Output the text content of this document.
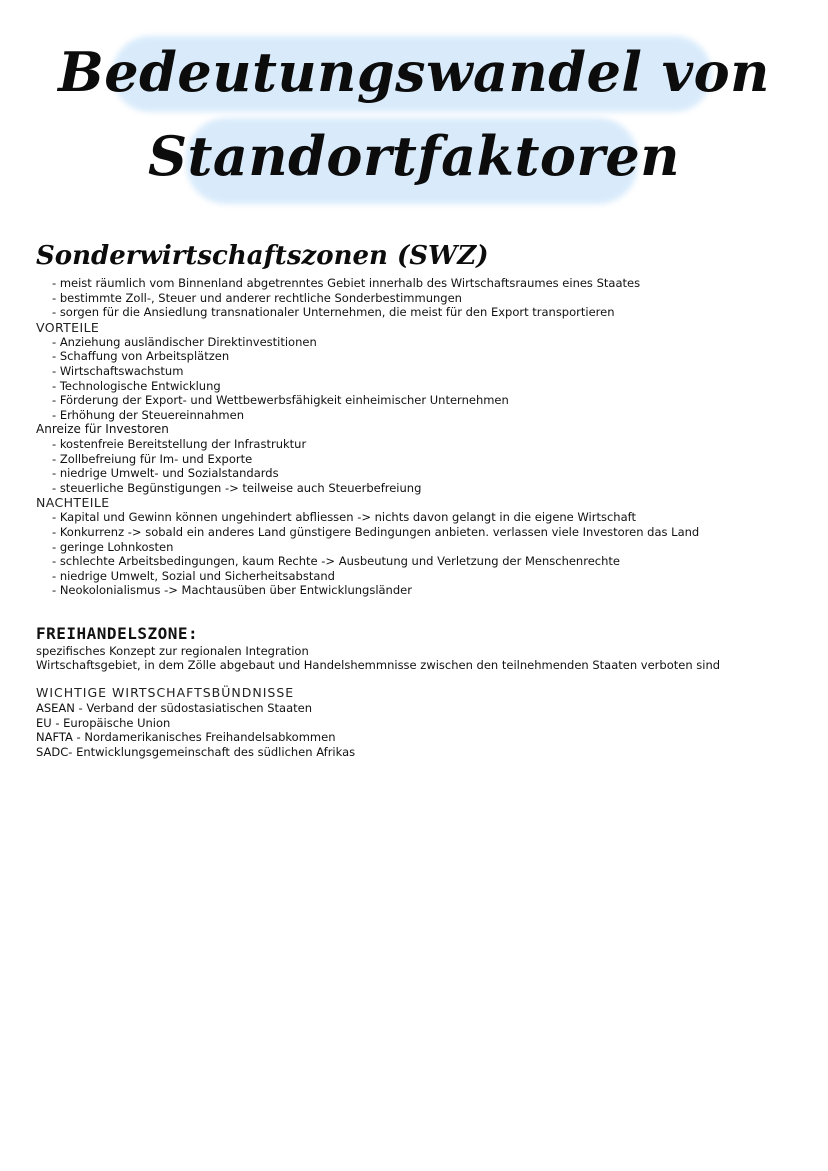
Bedeutungswandel von
Standortfaktoren
Sonderwirtschaftszonen (SWZ)
- meist räumlich vom Binnenland abgetrenntes Gebiet innerhalb des Wirtschaftsraumes eines Staates
- bestimmte Zoll-, Steuer und anderer rechtliche Sonderbestimmungen
- sorgen für die Ansiedlung transnationaler Unternehmen, die meist für den Export transportieren

VORTEILE

- Anziehung ausländischer Direktinvestitionen
- Schaffung von Arbeitsplätzen
- Wirtschaftswachstum
- Technologische Entwicklung
- Förderung der Export- und Wettbewerbsfähigkeit einheimischer Unternehmen
- Erhöhung der Steuereinnahmen

Anreize für Investoren

- kostenfreie Bereitstellung der Infrastruktur
- Zollbefreiung für Im- und Exporte
- niedrige Umwelt- und Sozialstandards
- steuerliche Begünstigungen -> teilweise auch Steuerbefreiung

NACHTEILE

- Kapital und Gewinn können ungehindert abfliessen -> nichts davon gelangt in die eigene Wirtschaft
- Konkurrenz -> sobald ein anderes Land günstigere Bedingungen anbieten. verlassen viele Investoren das Land
- geringe Lohnkosten
- schlechte Arbeitsbedingungen, kaum Rechte -> Ausbeutung und Verletzung der Menschenrechte
- niedrige Umwelt, Sozial und Sicherheitsabstand
- Neokolonialismus -> Machtausüben über Entwicklungsländer
FREIHANDELSZONE:

spezifisches Konzept zur regionalen Integration

Wirtschaftsgebiet, in dem Zölle abgebaut und Handelshemmnisse zwischen den teilnehmenden Staaten verboten sind

WICHTIGE WIRTSCHAFTSBÜNDNISSE

ASEAN - Verband der südostasiatischen Staaten

EU - Europäische Union

NAFTA - Nordamerikanisches Freihandelsabkommen

SADC- Entwicklungsgemeinschaft des südlichen Afrikas
